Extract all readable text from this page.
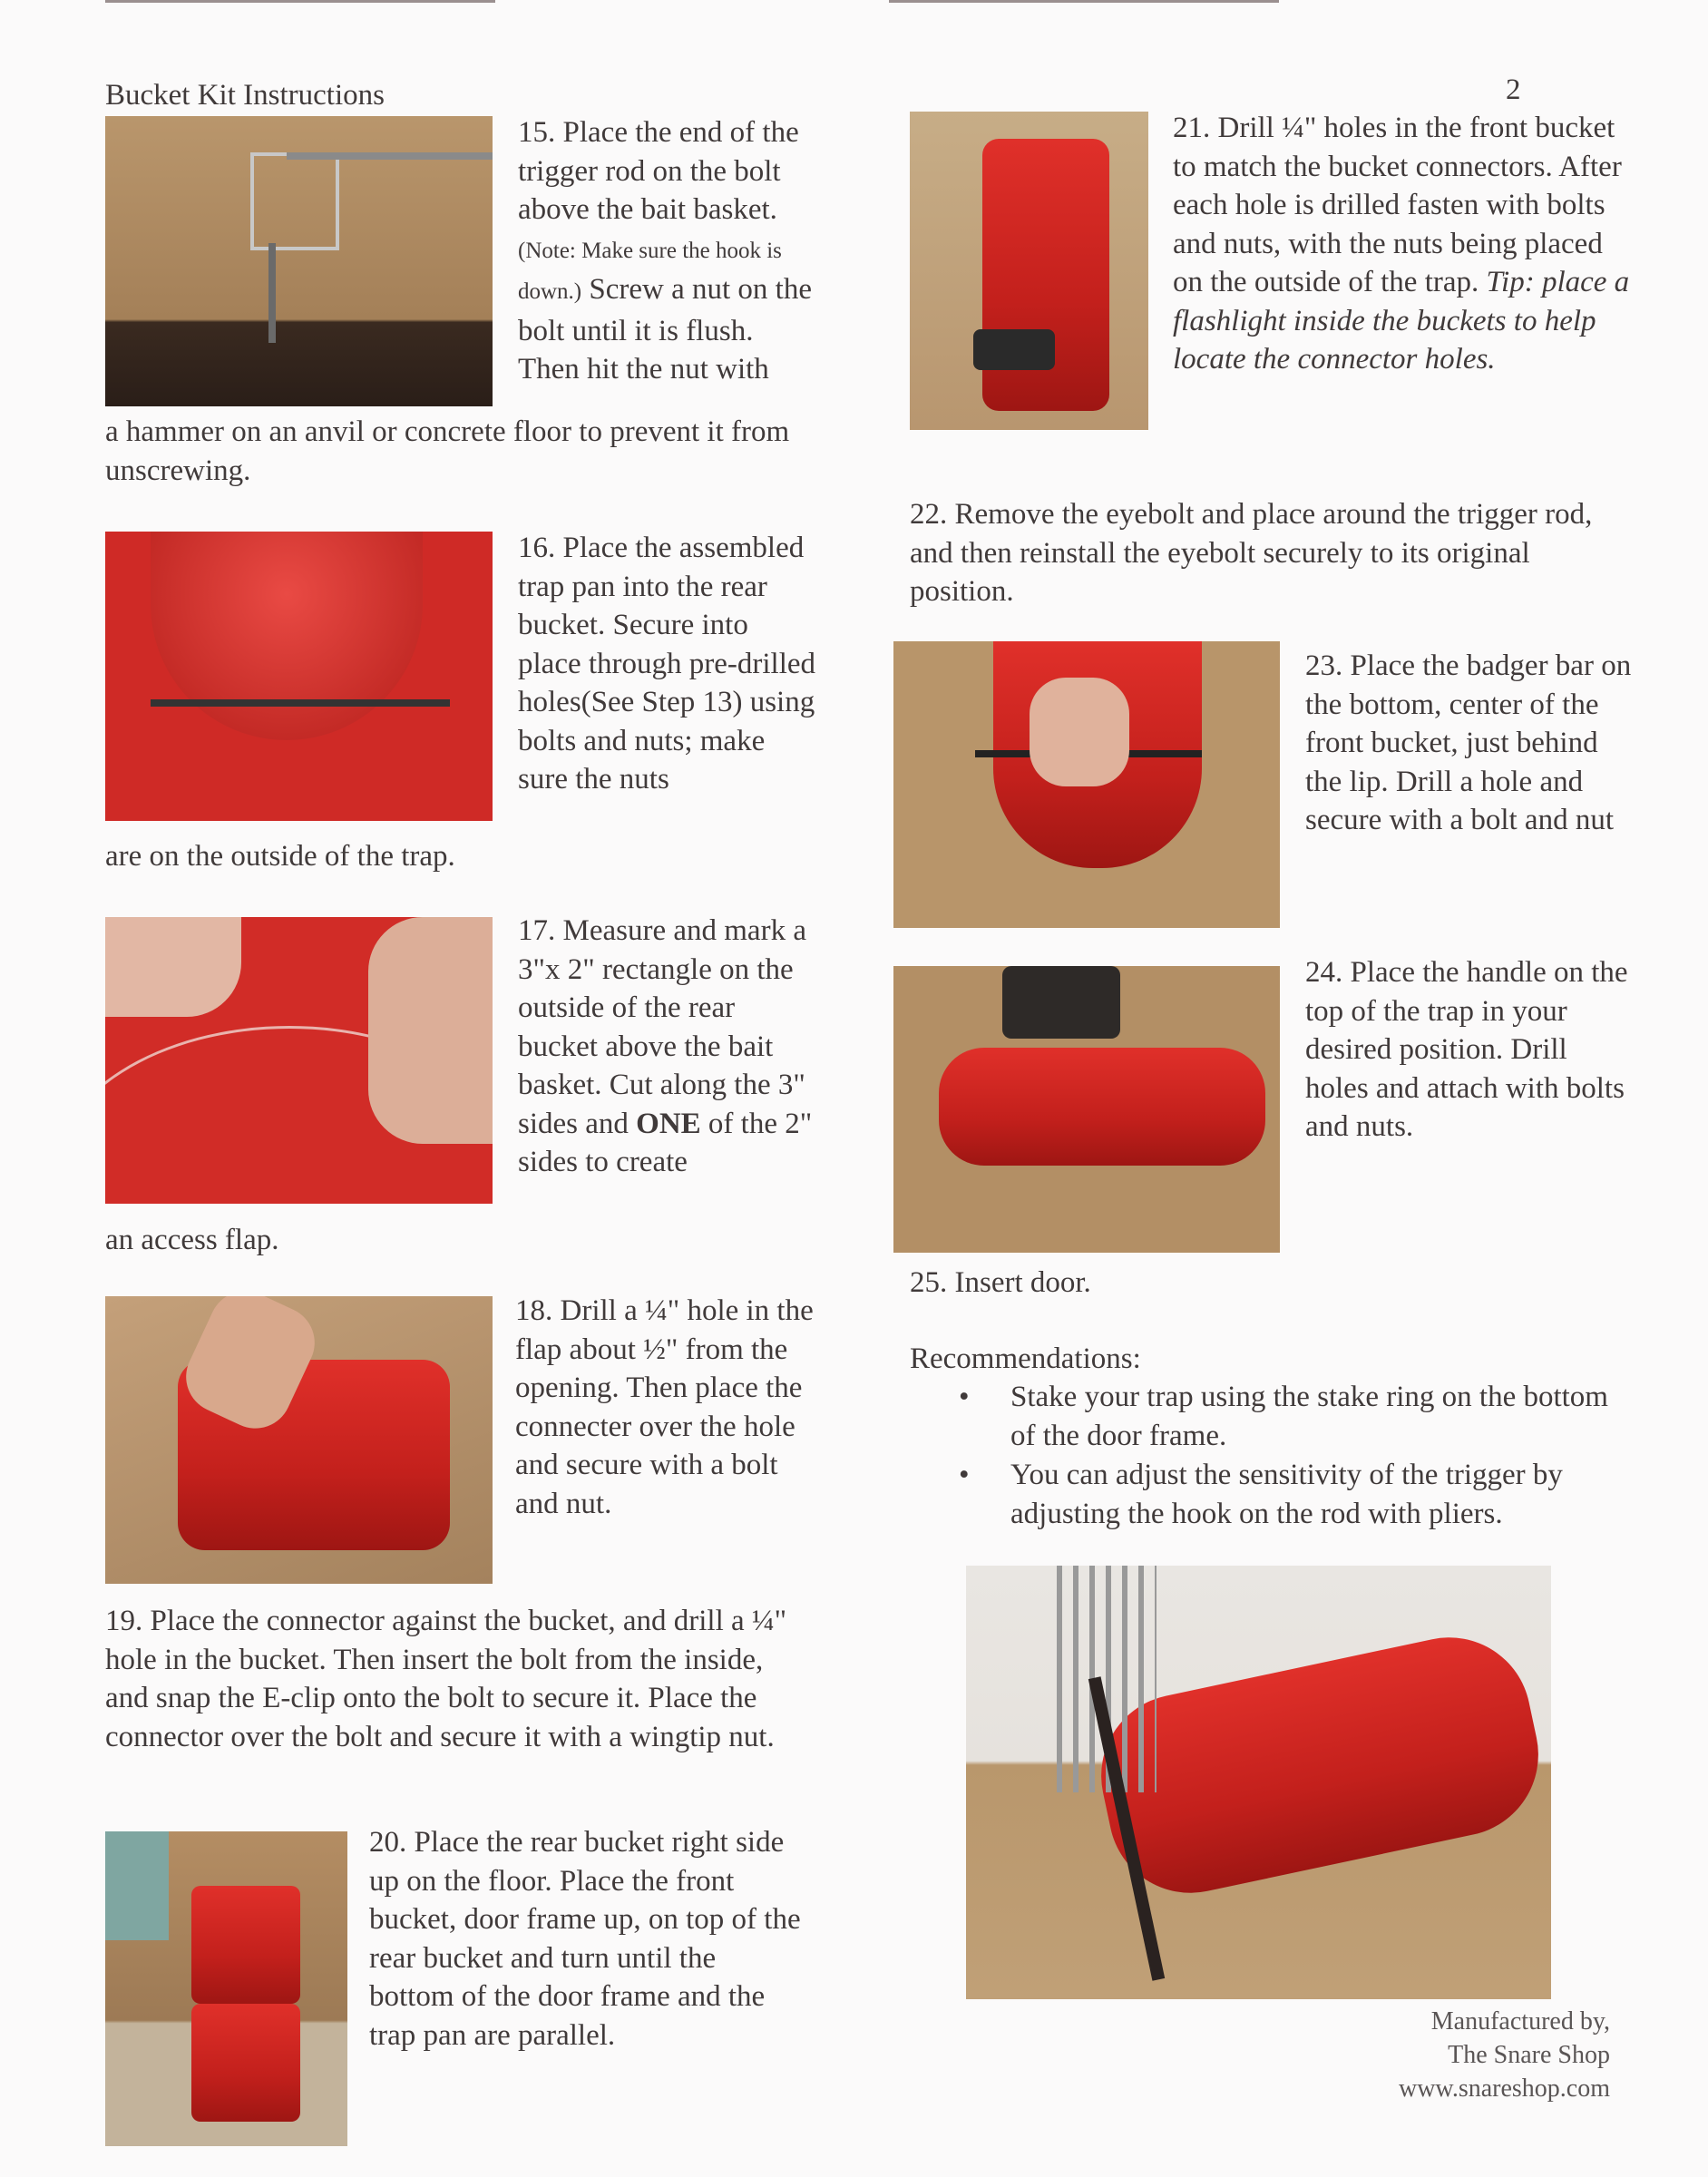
Bucket Kit Instructions	2
15. Place the end of the trigger rod on the bolt above the bait basket. (Note: Make sure the hook is down.) Screw a nut on the bolt until it is flush. Then hit the nut with
a hammer on an anvil or concrete floor to prevent it from unscrewing.
16. Place the assembled trap pan into the rear bucket. Secure into place through pre-drilled holes(See Step 13) using bolts and nuts; make sure the nuts
are on the outside of the trap.
17. Measure and mark a 3"x 2" rectangle on the outside of the rear bucket above the bait basket. Cut along the 3" sides and ONE of the 2" sides to create
an access flap.
18. Drill a ¼" hole in the flap about ½" from the opening. Then place the connecter over the hole and secure with a bolt and nut.
19. Place the connector against the bucket, and drill a ¼" hole in the bucket. Then insert the bolt from the inside, and snap the E-clip onto the bolt to secure it. Place the connector over the bolt and secure it with a wingtip nut.
20. Place the rear bucket right side up on the floor. Place the front bucket, door frame up, on top of the rear bucket and turn until the bottom of the door frame and the trap pan are parallel.
21. Drill ¼" holes in the front bucket to match the bucket connectors. After each hole is drilled fasten with bolts and nuts, with the nuts being placed on the outside of the trap. Tip: place a flashlight inside the buckets to help locate the connector holes.
22. Remove the eyebolt and place around the trigger rod, and then reinstall the eyebolt securely to its original position.
23. Place the badger bar on the bottom, center of the front bucket, just behind the lip. Drill a hole and secure with a bolt and nut
24. Place the handle on the top of the trap in your desired position. Drill holes and attach with bolts and nuts.
25. Insert door.
Recommendations:
• Stake your trap using the stake ring on the bottom of the door frame.
• You can adjust the sensitivity of the trigger by adjusting the hook on the rod with pliers.
Manufactured by,
The Snare Shop
www.snareshop.com
